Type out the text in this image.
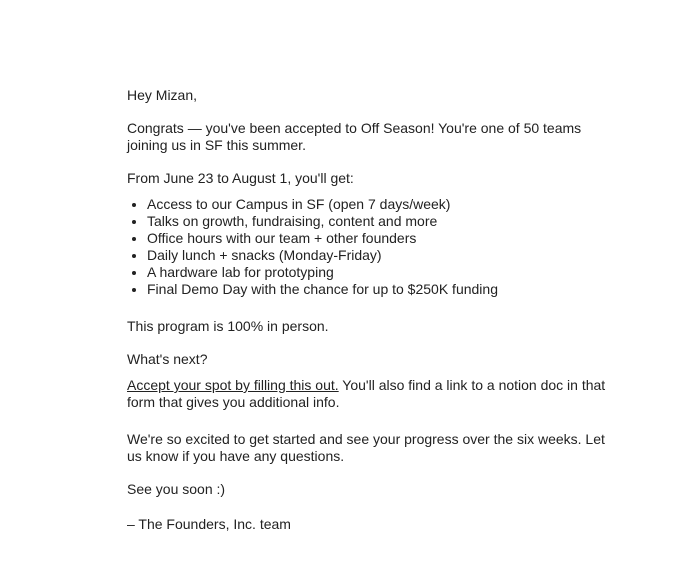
Hey Mizan,

Congrats — you've been accepted to Off Season! You're one of 50 teams joining us in SF this summer.

From June 23 to August 1, you'll get:

• Access to our Campus in SF (open 7 days/week)
• Talks on growth, fundraising, content and more
• Office hours with our team + other founders
• Daily lunch + snacks (Monday-Friday)
• A hardware lab for prototyping
• Final Demo Day with the chance for up to $250K funding

This program is 100% in person.

What's next?

Accept your spot by filling this out. You'll also find a link to a notion doc in that form that gives you additional info.

We're so excited to get started and see your progress over the six weeks. Let us know if you have any questions.

See you soon :)

– The Founders, Inc. team
